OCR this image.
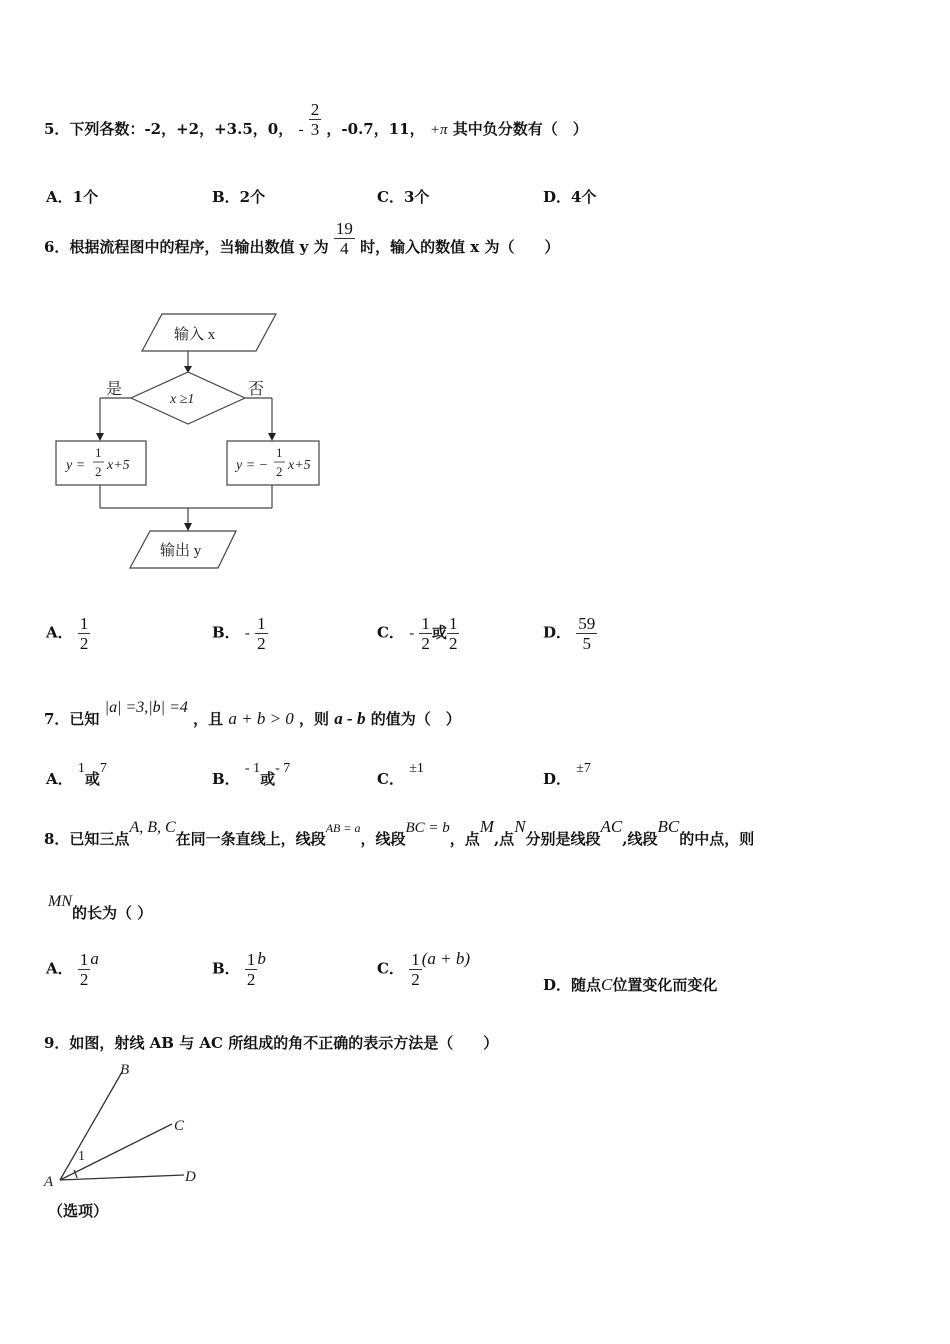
5．下列各数：-2，+2，+3.5，0， - $\frac{2}{3}$ ，-0.7，11， +π 其中负分数有（　）
A．1个	B．2个	C．3个	D．4个
6．根据流程图中的程序，当输出数值 y 为 $\frac{19}{4}$ 时，输入的数值 x 为（　　）
输入 x
x ≥1
是	否
y =
1
2 x+5	y = −
1
2 x+5
输出 y
A． $\frac{1}{2}$	B． - $\frac{1}{2}$	C． - $\frac{1}{2}$ 或 $\frac{1}{2}$	D． $\frac{59}{5}$
7．已知 |a| =3,|b| =4 ，且 a + b > 0 ，则 a - b 的值为（　）
A． 1或7
B． - 1或- 7
C． ±1
D． ±7
8．已知三点A, B, C在同一条直线上，线段$^{AB = a}$，线段BC = b，点M,点N分别是线段AC,线段BC的中点，则
MN的长为（ ）
A． $\frac{1}{2}$ a
B． $\frac{1}{2}$ b
C． $\frac{1}{2} (a + b)$
D．随点C位置变化而变化
9．如图，射线 AB 与 AC 所组成的角不正确的表示方法是（　　）
A
B
C
D
1
（选项）
